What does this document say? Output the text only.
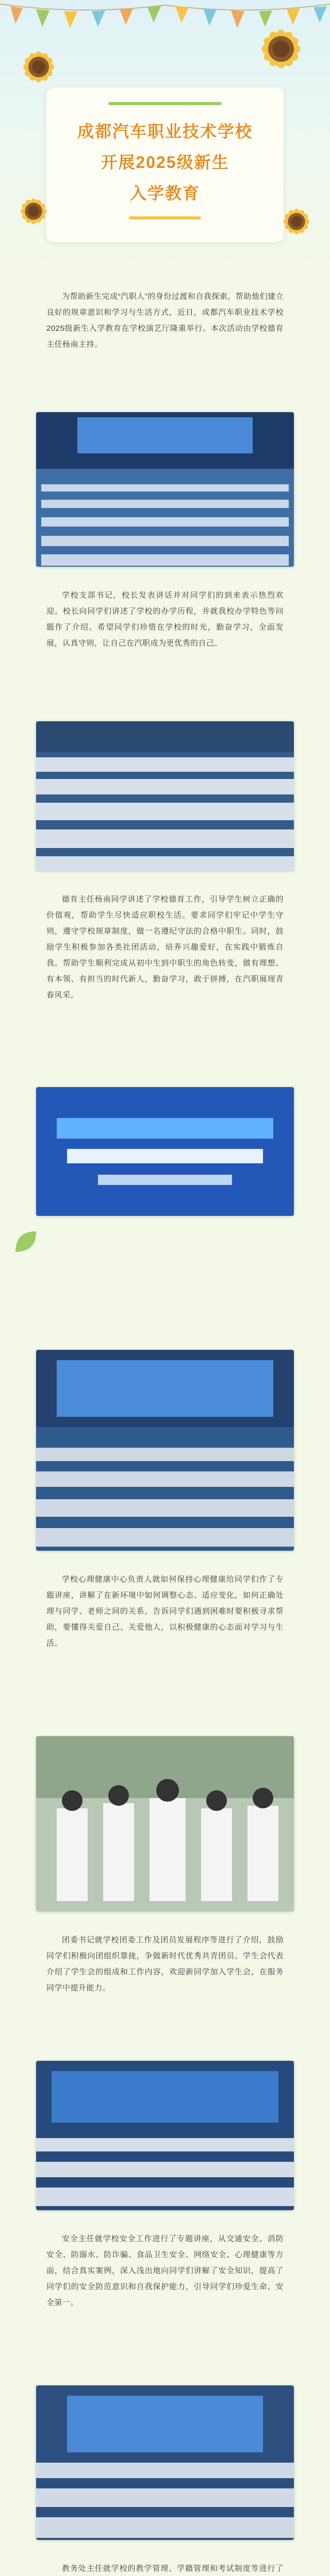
成都汽车职业技术学校
开展2025级新生
入学教育

为帮助新生完成“汽职人”的身份过渡和自我探索，帮助他们建立良好的规章意识和学习与生活方式，近日，成都汽车职业技术学校2025级新生入学教育在学校演艺厅隆重举行。本次活动由学校德育主任杨南主持。

学校支部书记，校长发表讲话并对同学们的到来表示热烈欢迎。校长向同学们讲述了学校的办学历程，并就我校办学特色等问题作了介绍。希望同学们珍惜在学校的时光，勤奋学习，全面发展，认真守则，让自己在汽职成为更优秀的自己。

德育主任杨南同学讲述了学校德育工作，引导学生树立正确的价值观，帮助学生尽快适应职校生活。要求同学们牢记中学生守则，遵守学校规章制度，做一名遵纪守法的合格中职生。同时，鼓励学生积极参加各类社团活动，培养兴趣爱好，在实践中锻炼自我。帮助学生顺利完成从初中生到中职生的角色转变，做有理想、有本领、有担当的时代新人，勤奋学习，敢于拼搏，在汽职展现青春风采。

学校心理健康中心负责人就如何保持心理健康给同学们作了专题讲座，讲解了在新环境中如何调整心态、适应变化，如何正确处理与同学、老师之间的关系，告诉同学们遇到困难时要积极寻求帮助，要懂得关爱自己、关爱他人，以积极健康的心态面对学习与生活。

团委书记就学校团委工作及团员发展程序等进行了介绍，鼓励同学们积极向团组织靠拢，争做新时代优秀共青团员。学生会代表介绍了学生会的组成和工作内容，欢迎新同学加入学生会，在服务同学中提升能力。

安全主任就学校安全工作进行了专题讲座，从交通安全、消防安全、防溺水、防诈骗、食品卫生安全、网络安全、心理健康等方面，结合真实案例，深入浅出地向同学们讲解了安全知识，提高了同学们的安全防范意识和自我保护能力，引导同学们珍爱生命、安全第一。

教务处主任就学校的教学管理、学籍管理和考试制度等进行了
